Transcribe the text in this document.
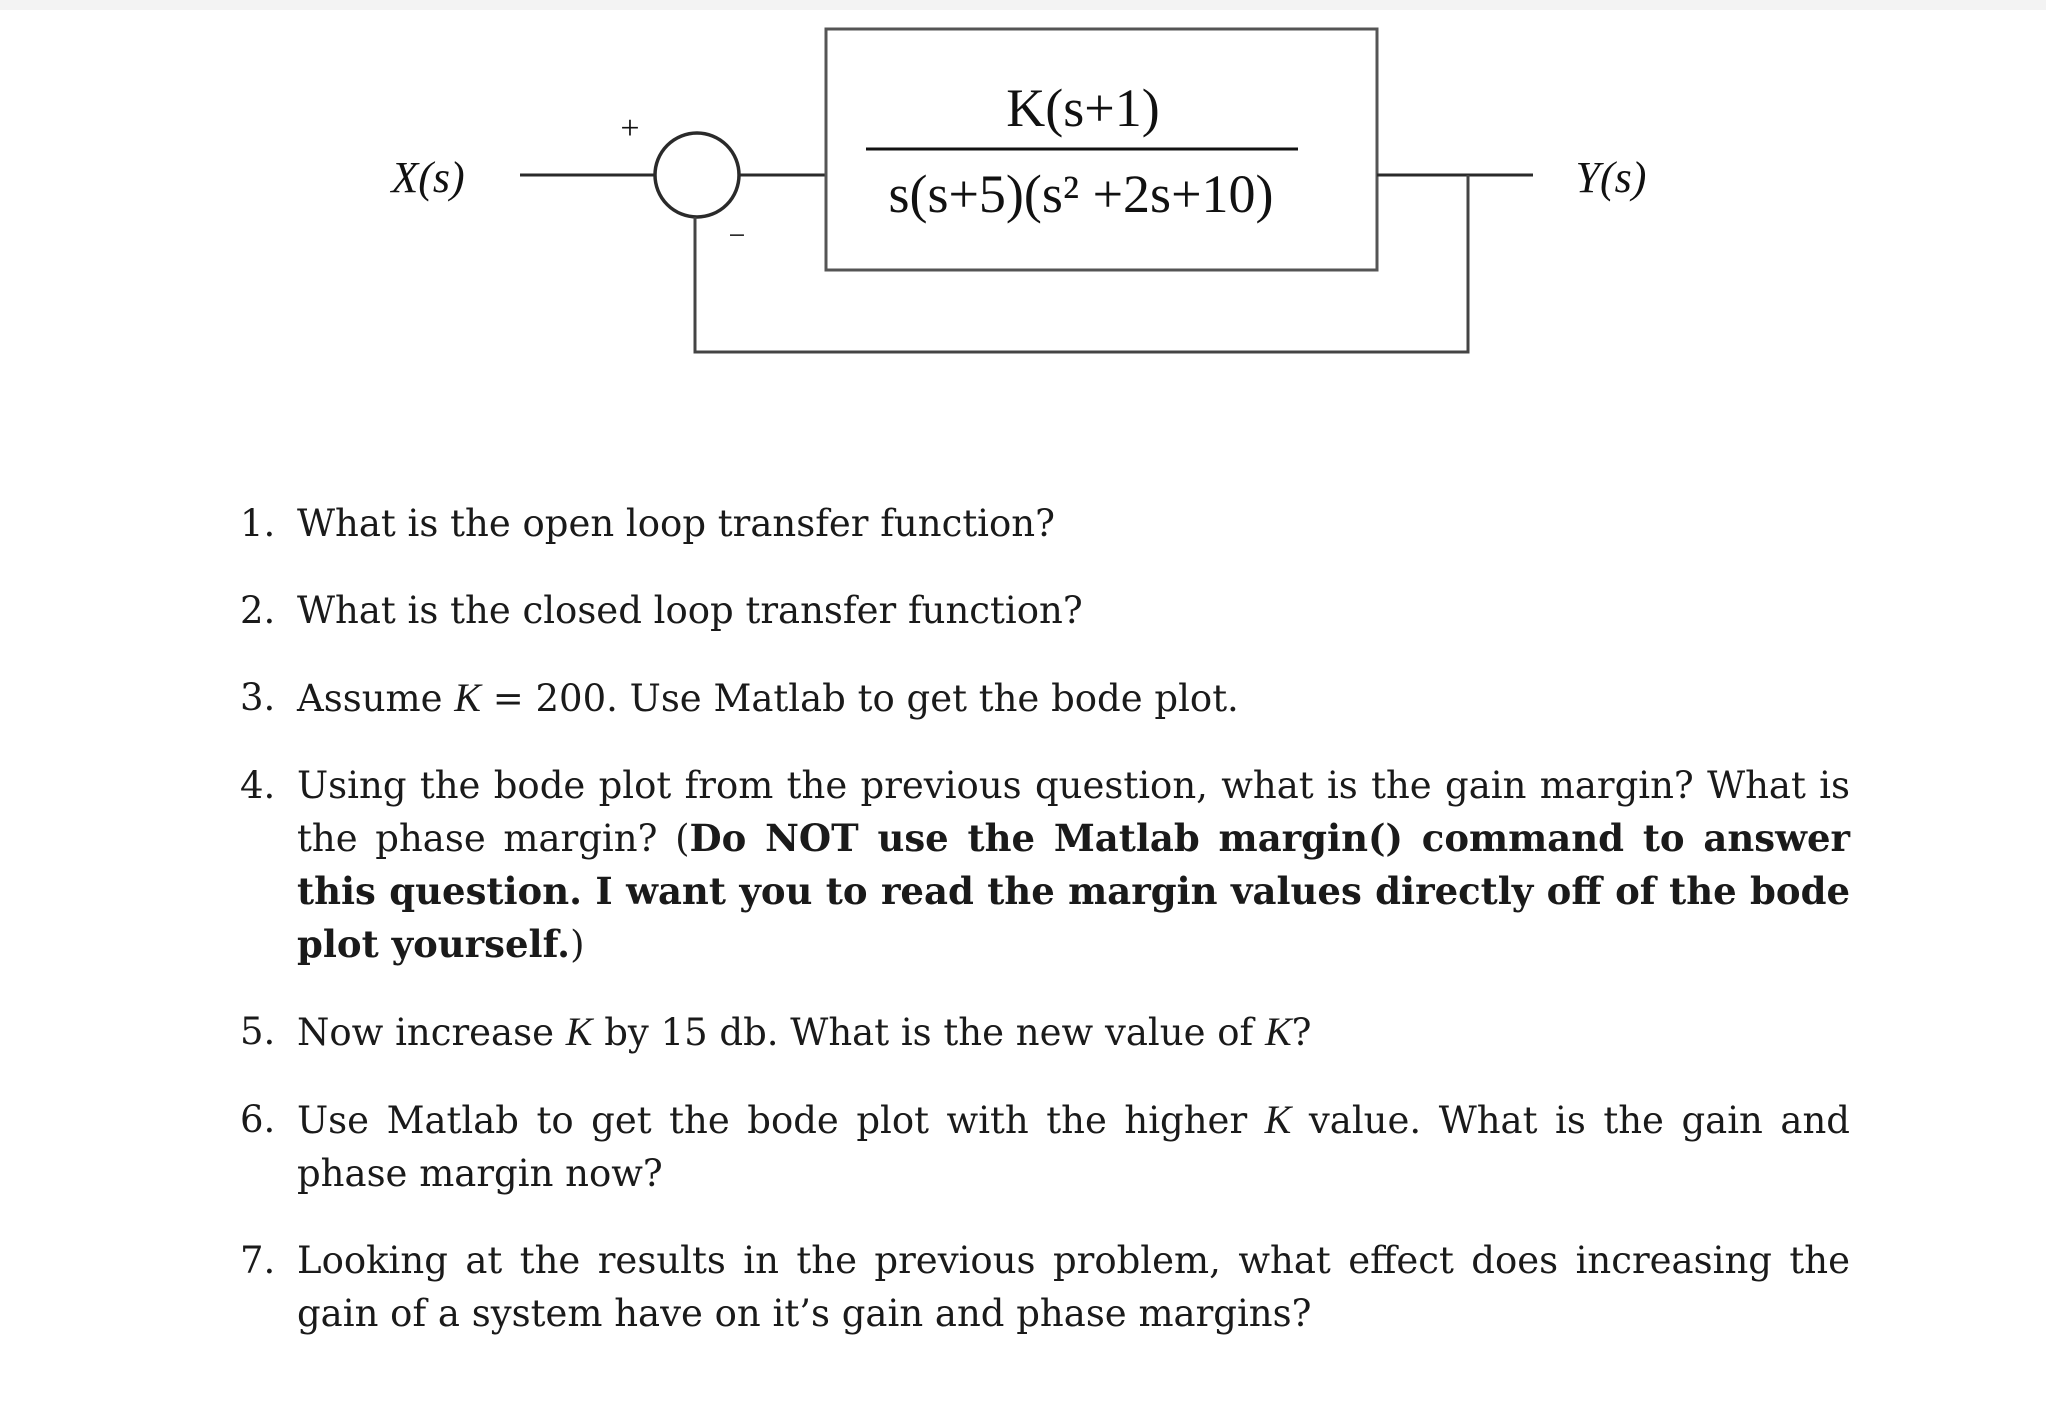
X(s)	Y(s)
+
−
K(s+1)
s(s+5)(s² +2s+10)
1. What is the open loop transfer function?
2. What is the closed loop transfer function?
3. Assume K = 200. Use Matlab to get the bode plot.
4. Using the bode plot from the previous question, what is the gain margin? What is the phase margin? (Do NOT use the Matlab margin() command to answer this question. I want you to read the margin values directly off of the bode plot yourself.)
5. Now increase K by 15 db. What is the new value of K?
6. Use Matlab to get the bode plot with the higher K value. What is the gain and phase margin now?
7. Looking at the results in the previous problem, what effect does increasing the gain of a system have on it’s gain and phase margins?
